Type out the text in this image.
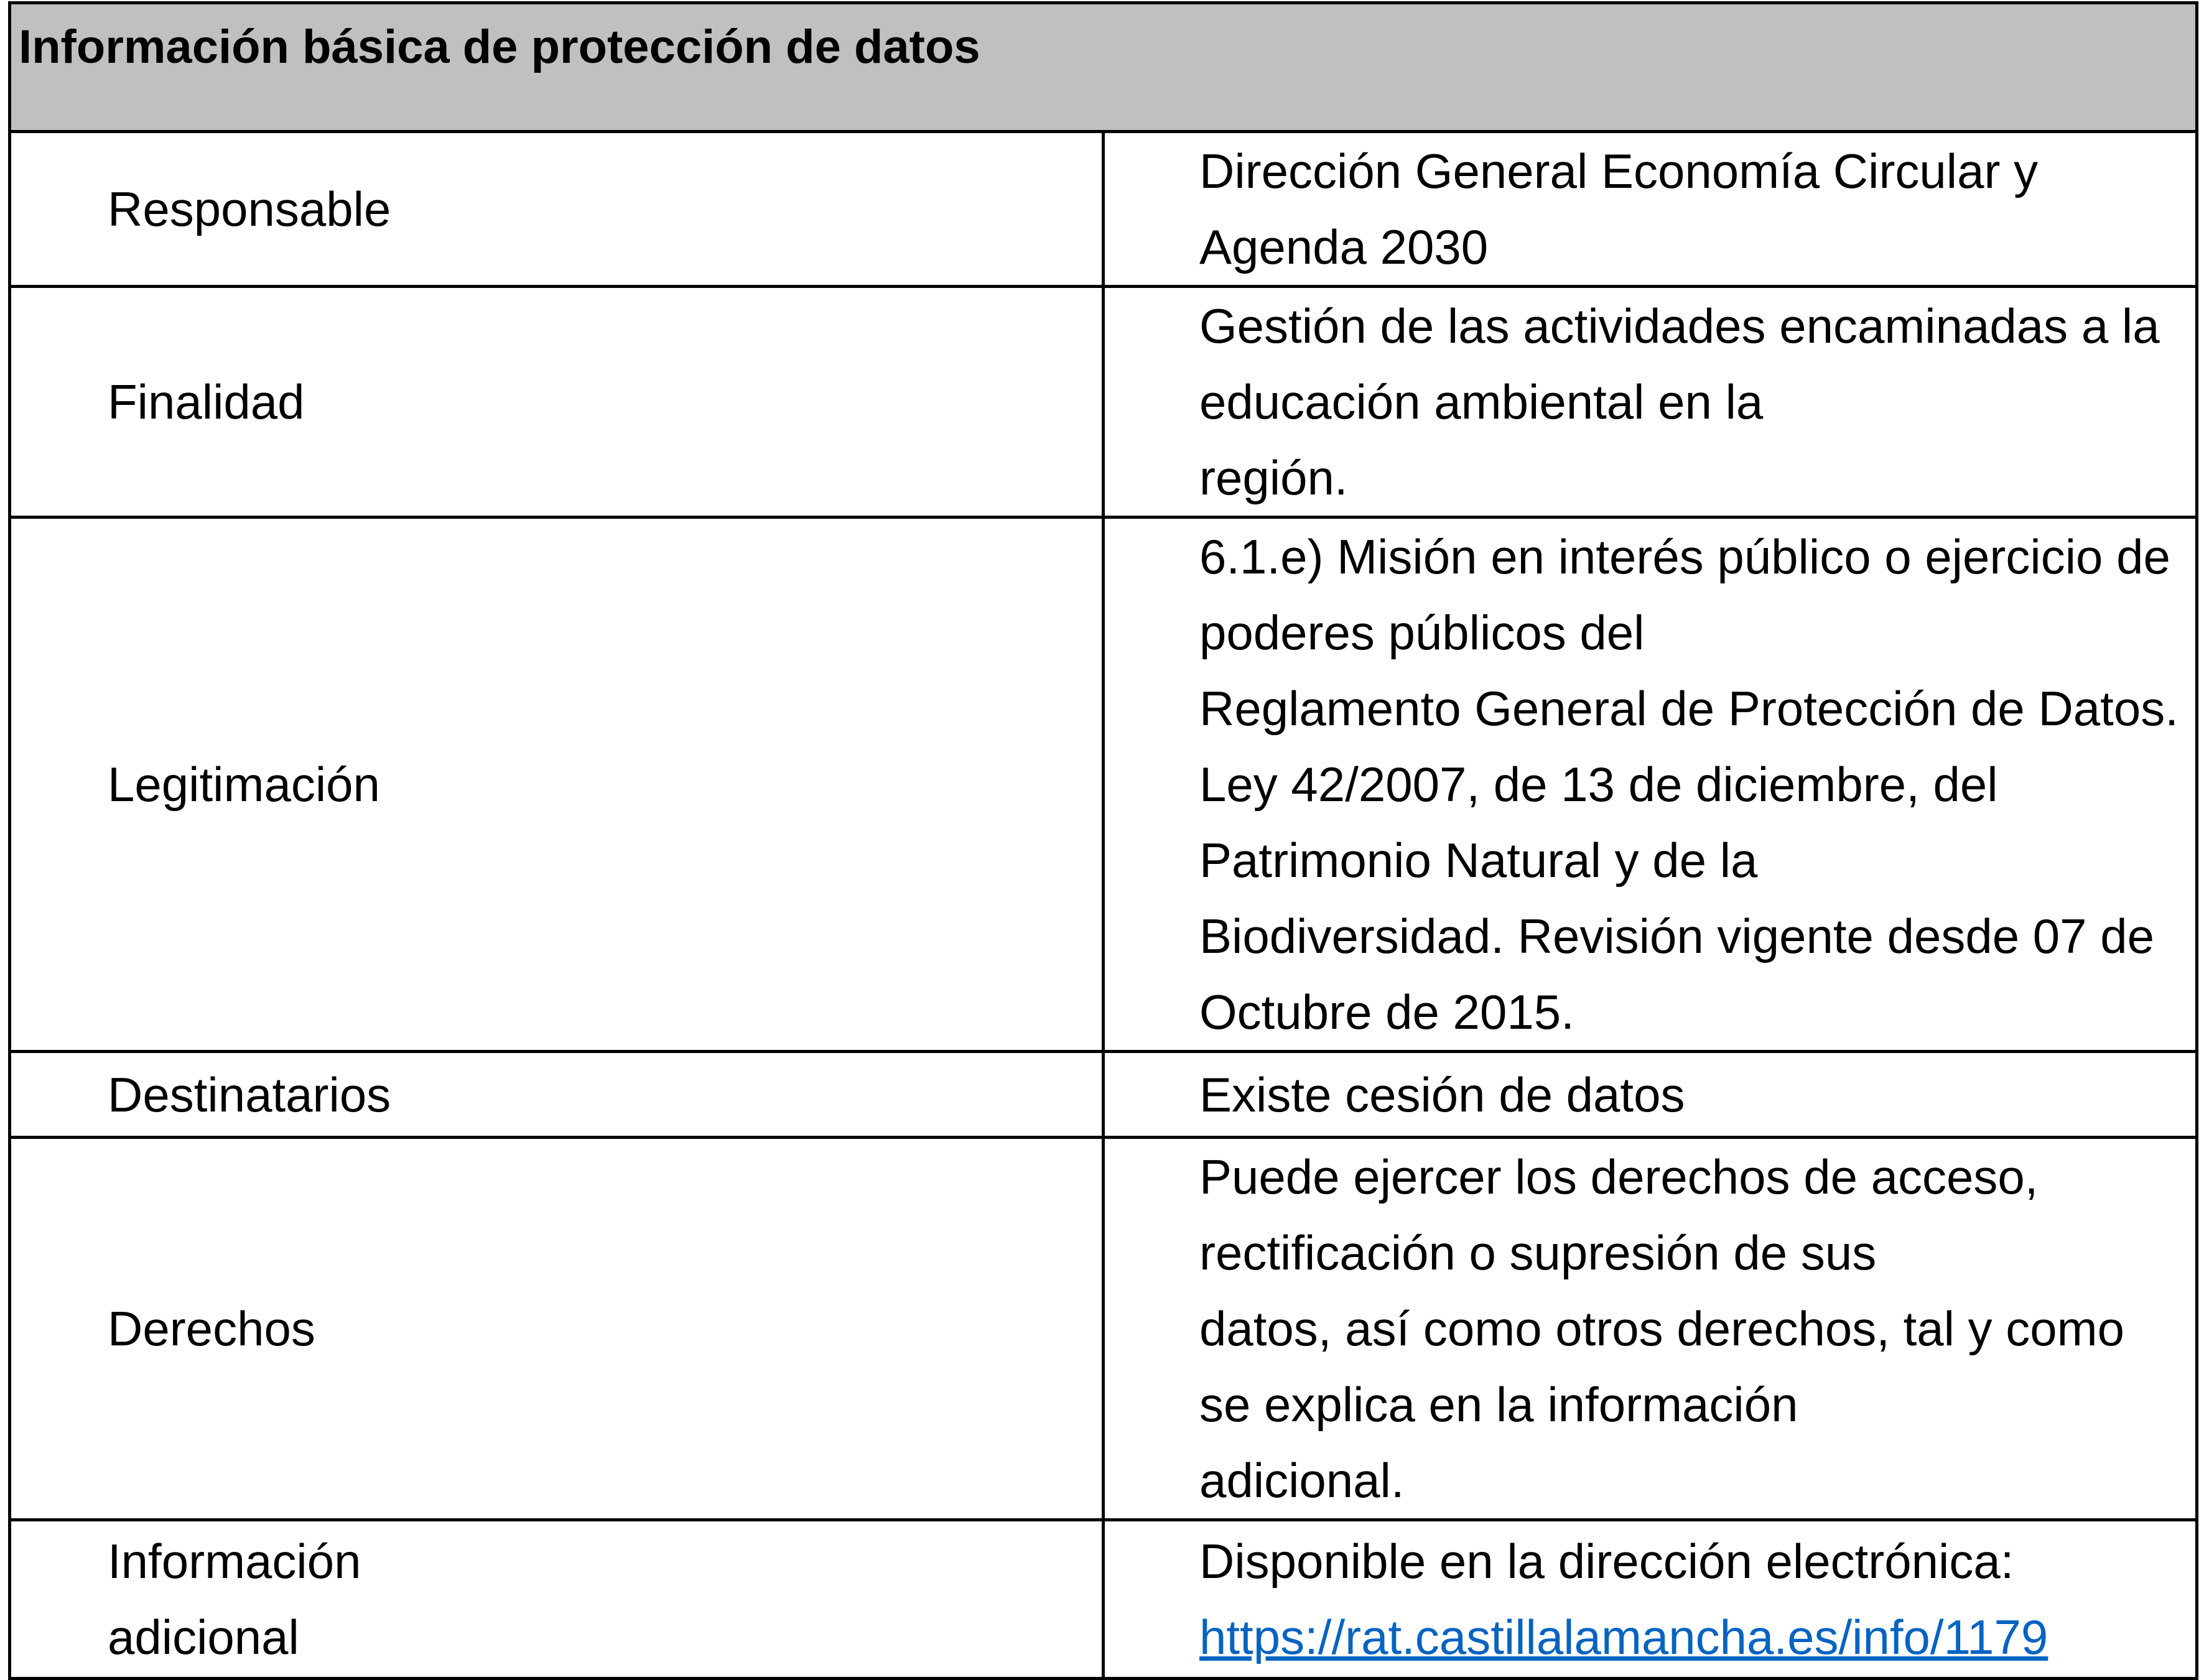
Información básica de protección de datos	

Responsable	Dirección General Economía Circular y Agenda 2030

Finalidad	Gestión de las actividades encaminadas a la educación ambiental en la
región.

Legitimación	6.1.e) Misión en interés público o ejercicio de poderes públicos del
Reglamento General de Protección de Datos.
Ley 42/2007, de 13 de diciembre, del Patrimonio Natural y de la
Biodiversidad. Revisión vigente desde 07 de Octubre de 2015.

Destinatarios	Existe cesión de datos

Derechos	Puede ejercer los derechos de acceso, rectificación o supresión de sus
datos, así como otros derechos, tal y como se explica en la información
adicional.

Información
adicional	Disponible en la dirección electrónica:
https://rat.castillalamancha.es/info/1179
